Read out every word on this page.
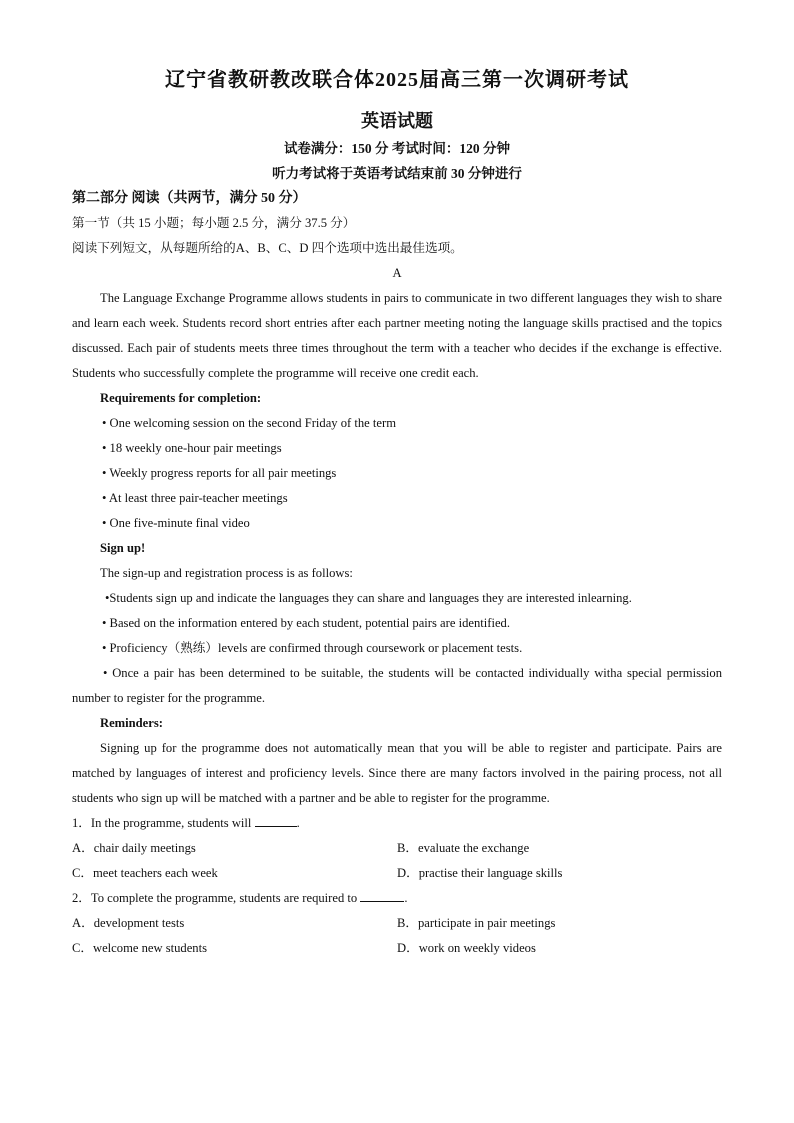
辽宁省教研教改联合体2025届高三第一次调研考试
英语试题
试卷满分：150 分 考试时间：120 分钟
听力考试将于英语考试结束前 30 分钟进行
第二部分 阅读（共两节，满分 50 分）
第一节（共 15 小题；每小题 2.5 分，满分 37.5 分）
阅读下列短文，从每题所给的A、B、C、D 四个选项中选出最佳选项。
A

The Language Exchange Programme allows students in pairs to communicate in two different languages they wish to share and learn each week. Students record short entries after each partner meeting noting the language skills practised and the topics discussed. Each pair of students meets three times throughout the term with a teacher who decides if the exchange is effective. Students who successfully complete the programme will receive one credit each.

Requirements for completion:
• One welcoming session on the second Friday of the term
• 18 weekly one-hour pair meetings
• Weekly progress reports for all pair meetings
• At least three pair-teacher meetings
• One five-minute final video
Sign up!
The sign-up and registration process is as follows:
•Students sign up and indicate the languages they can share and languages they are interested inlearning.
• Based on the information entered by each student, potential pairs are identified.
• Proficiency（熟练）levels are confirmed through coursework or placement tests.

• Once a pair has been determined to be suitable, the students will be contacted individually witha special permission number to register for the programme.

Reminders:

Signing up for the programme does not automatically mean that you will be able to register and participate. Pairs are matched by languages of interest and proficiency levels. Since there are many factors involved in the pairing process, not all students who sign up will be matched with a partner and be able to register for the programme.

1．In the programme, students will	.
A．chair daily meetings	B．evaluate the exchange
C．meet teachers each week	D．practise their language skills
2．To complete the programme, students are required to	.
A．development tests	B．participate in pair meetings
C．welcome new students	D．work on weekly videos
